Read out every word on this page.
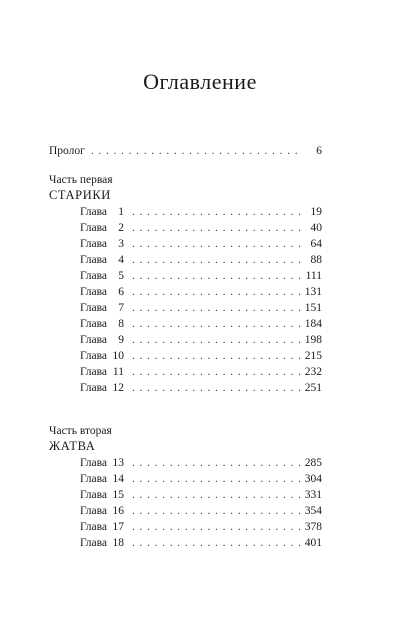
Оглавление
Пролог . . .	6
Часть первая
СТАРИКИ
Глава 1 . . .	19
Глава 2 . . .	40
Глава 3 . . .	64
Глава 4 . . .	88
Глава 5 . . .	111
Глава 6 . . .	131
Глава 7 . . .	151
Глава 8 . . .	184
Глава 9 . . .	198
Глава 10 . . .	215
Глава 11 . . .	232
Глава 12 . . .	251
Часть вторая
ЖАТВА
Глава 13 . . .	285
Глава 14 . . .	304
Глава 15 . . .	331
Глава 16 . . .	354
Глава 17 . . .	378
Глава 18 . . .	401
